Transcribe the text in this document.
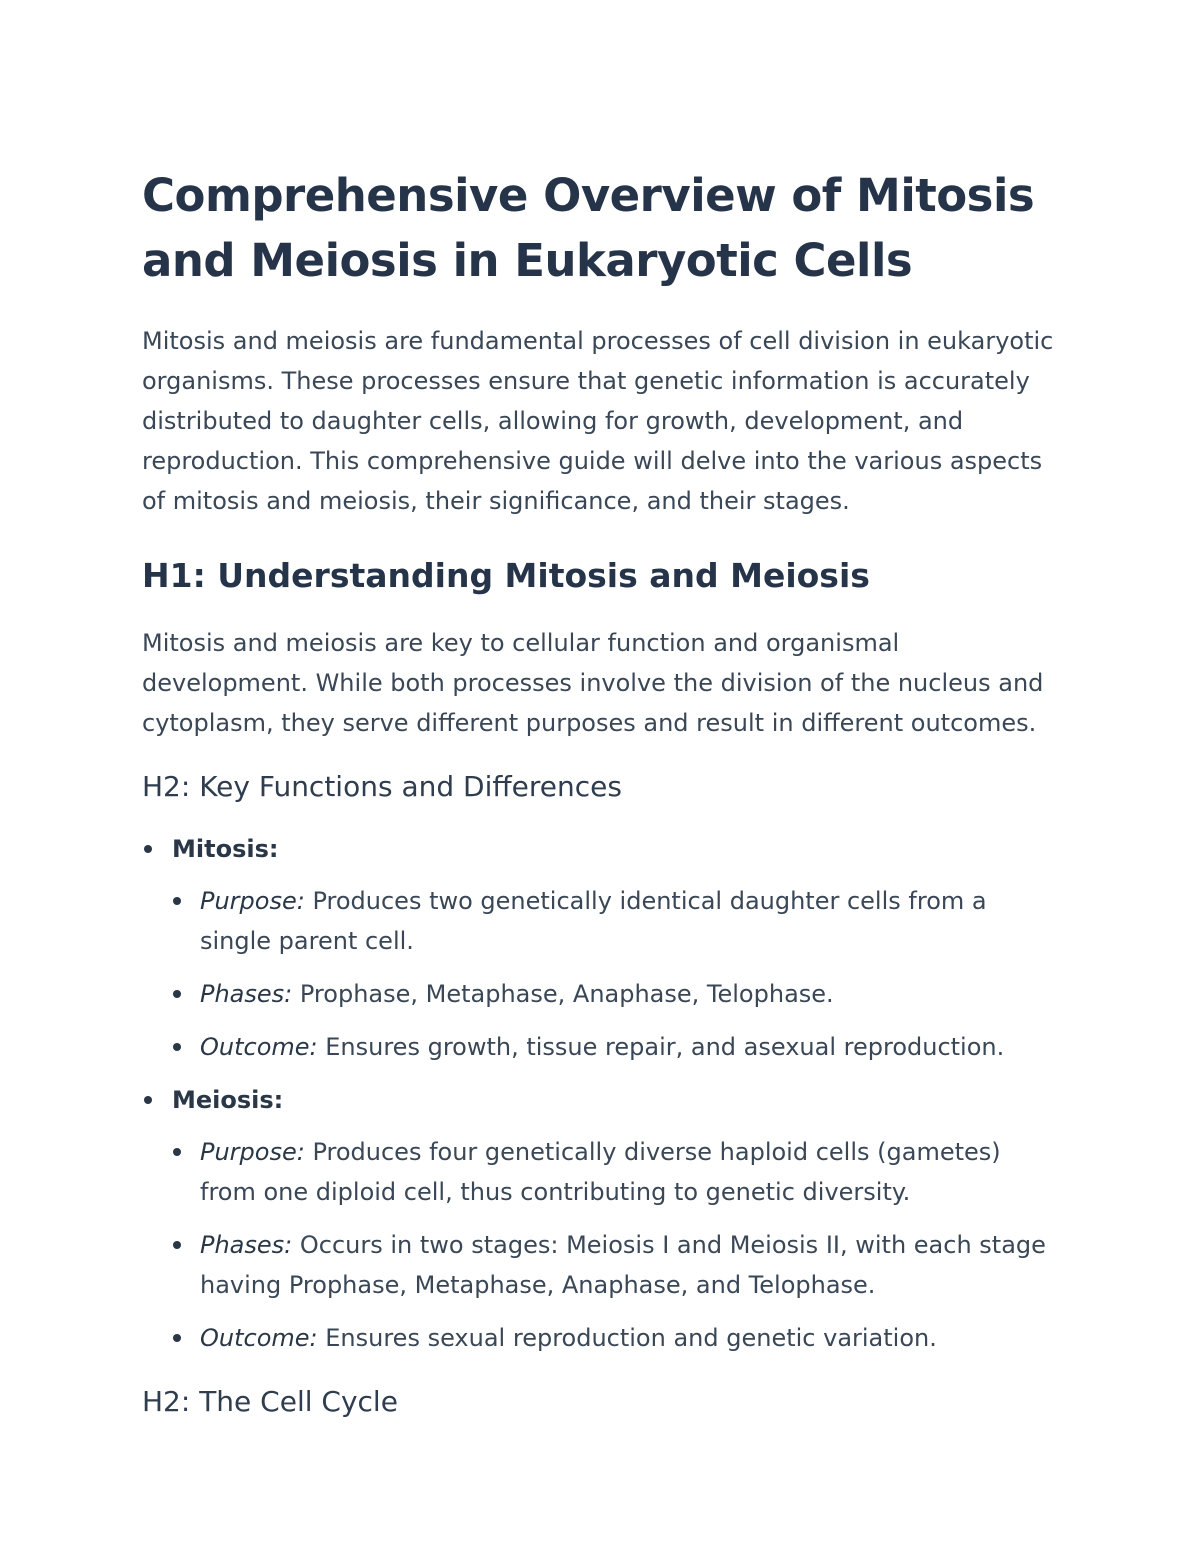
Comprehensive Overview of Mitosis and Meiosis in Eukaryotic Cells

Mitosis and meiosis are fundamental processes of cell division in eukaryotic organisms. These processes ensure that genetic information is accurately distributed to daughter cells, allowing for growth, development, and reproduction. This comprehensive guide will delve into the various aspects of mitosis and meiosis, their significance, and their stages.

H1: Understanding Mitosis and Meiosis

Mitosis and meiosis are key to cellular function and organismal development. While both processes involve the division of the nucleus and cytoplasm, they serve different purposes and result in different outcomes.

H2: Key Functions and Differences
Mitosis:
Purpose: Produces two genetically identical daughter cells from a single parent cell.
Phases: Prophase, Metaphase, Anaphase, Telophase.
Outcome: Ensures growth, tissue repair, and asexual reproduction.
Meiosis:
Purpose: Produces four genetically diverse haploid cells (gametes) from one diploid cell, thus contributing to genetic diversity.
Phases: Occurs in two stages: Meiosis I and Meiosis II, with each stage having Prophase, Metaphase, Anaphase, and Telophase.
Outcome: Ensures sexual reproduction and genetic variation.
H2: The Cell Cycle
